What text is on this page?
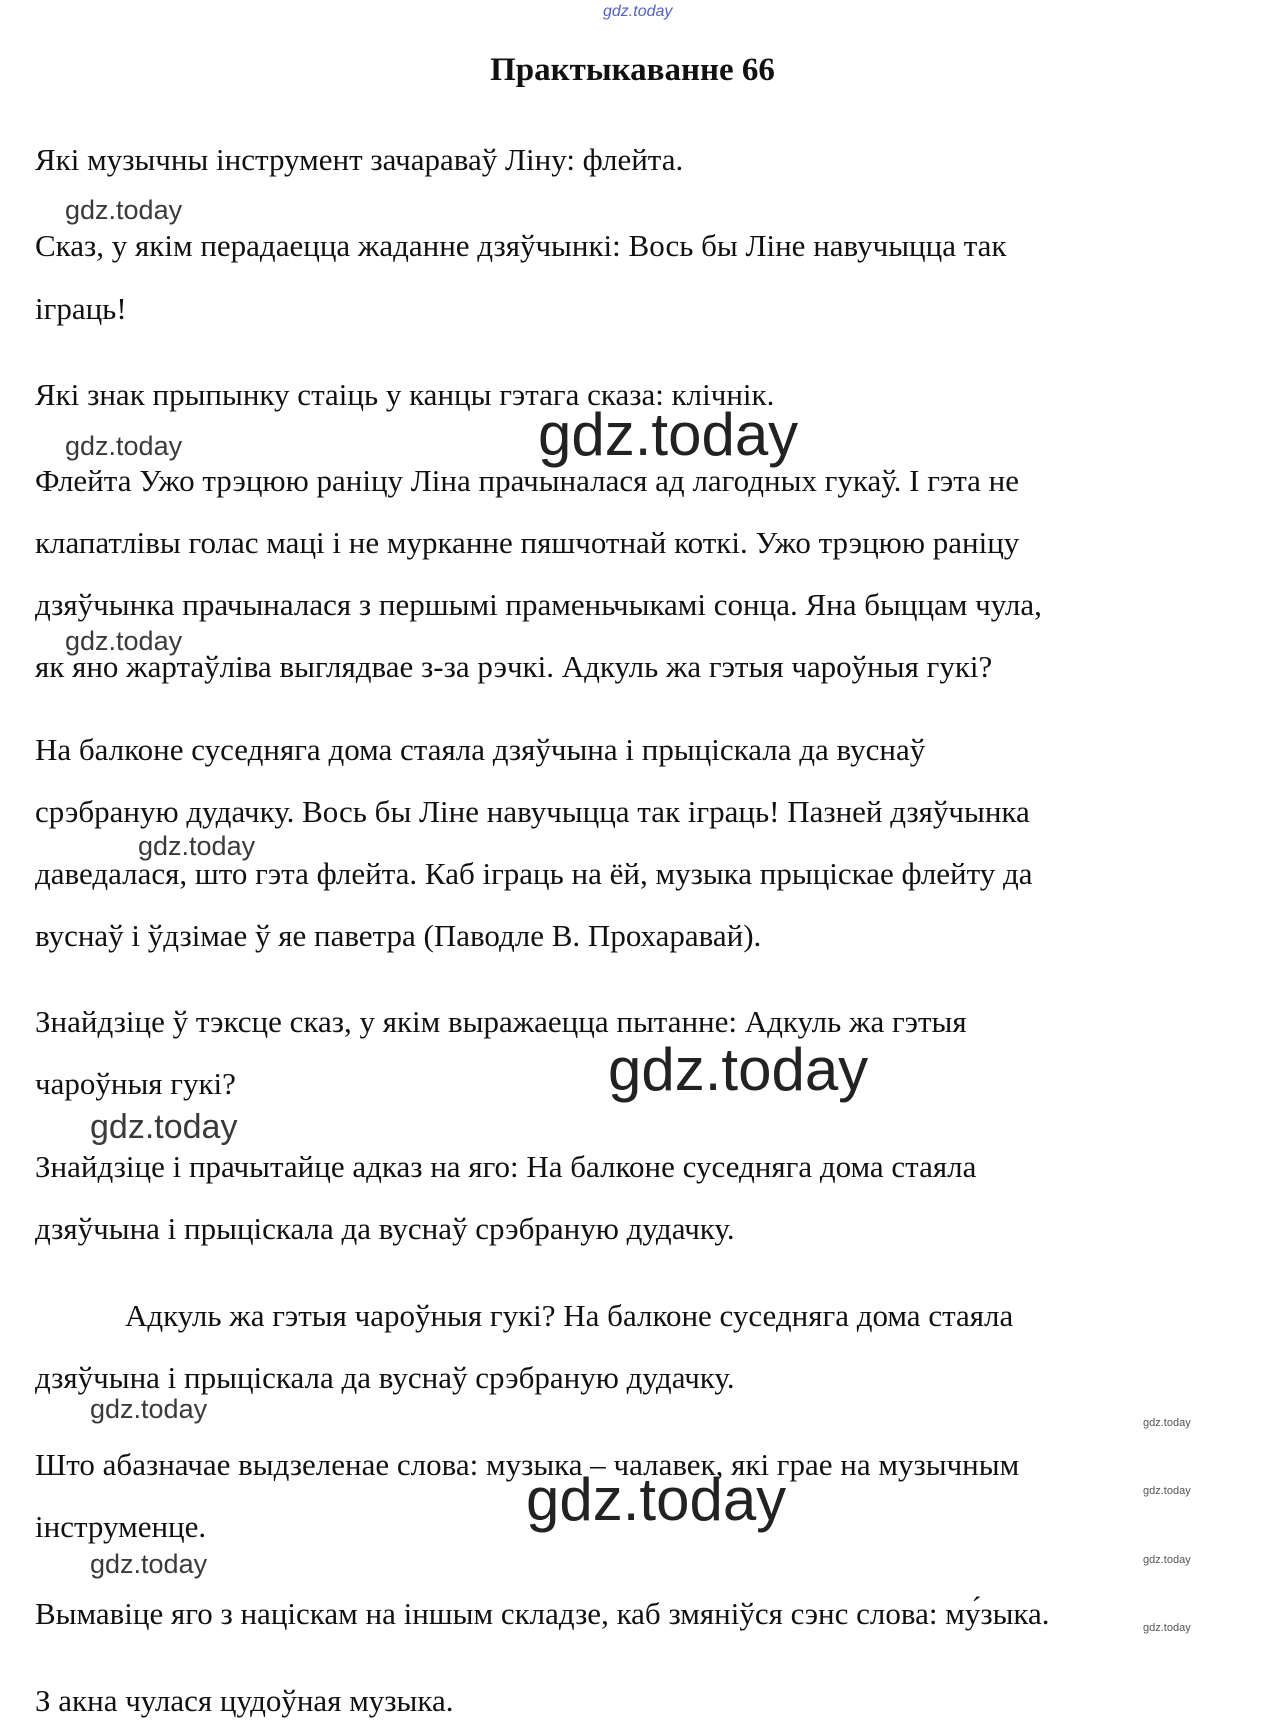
gdz.today
Практыкаванне 66
Які музычны інструмент зачараваў Ліну: флейта.
gdz.today
Сказ, у якім перадаецца жаданне дзяўчынкі: Вось бы Ліне навучыцца так
іграць!
Які знак прыпынку стаіць у канцы гэтага сказа: клічнік.
gdz.today	gdz.today
Флейта Ужо трэцюю раніцу Ліна прачыналася ад лагодных гукаў. І гэта не
клапатлівы голас маці і не мурканне пяшчотнай коткі. Ужо трэцюю раніцу
дзяўчынка прачыналася з першымі праменьчыкамі сонца. Яна быццам чула,
gdz.today
як яно жартаўліва выглядвае з-за рэчкі. Адкуль жа гэтыя чароўныя гукі?
На балконе суседняга дома стаяла дзяўчына і прыціскала да вуснаў
срэбраную дудачку. Вось бы Ліне навучыцца так іграць! Пазней дзяўчынка
gdz.today
даведалася, што гэта флейта. Каб іграць на ёй, музыка прыціскае флейту да
вуснаў і ўдзімае ў яе паветра (Паводле В. Прохаравай).
Знайдзіце ў тэксце сказ, у якім выражаецца пытанне: Адкуль жа гэтыя
gdz.today
чароўныя гукі?
gdz.today
Знайдзіце і прачытайце адказ на яго: На балконе суседняга дома стаяла
дзяўчына і прыціскала да вуснаў срэбраную дудачку.
Адкуль жа гэтыя чароўныя гукі? На балконе суседняга дома стаяла
дзяўчына і прыціскала да вуснаў срэбраную дудачку.
gdz.today	gdz.today
Што абазначае выдзеленае слова: музыка – чалавек, які грае на музычным
gdz.today
gdz.today
інструменце.
gdz.today	gdz.today
Вымавіце яго з націскам на іншым складзе, каб змяніўся сэнс слова: му́зыка.	gdz.today
З акна чулася цудоўная музыка.
